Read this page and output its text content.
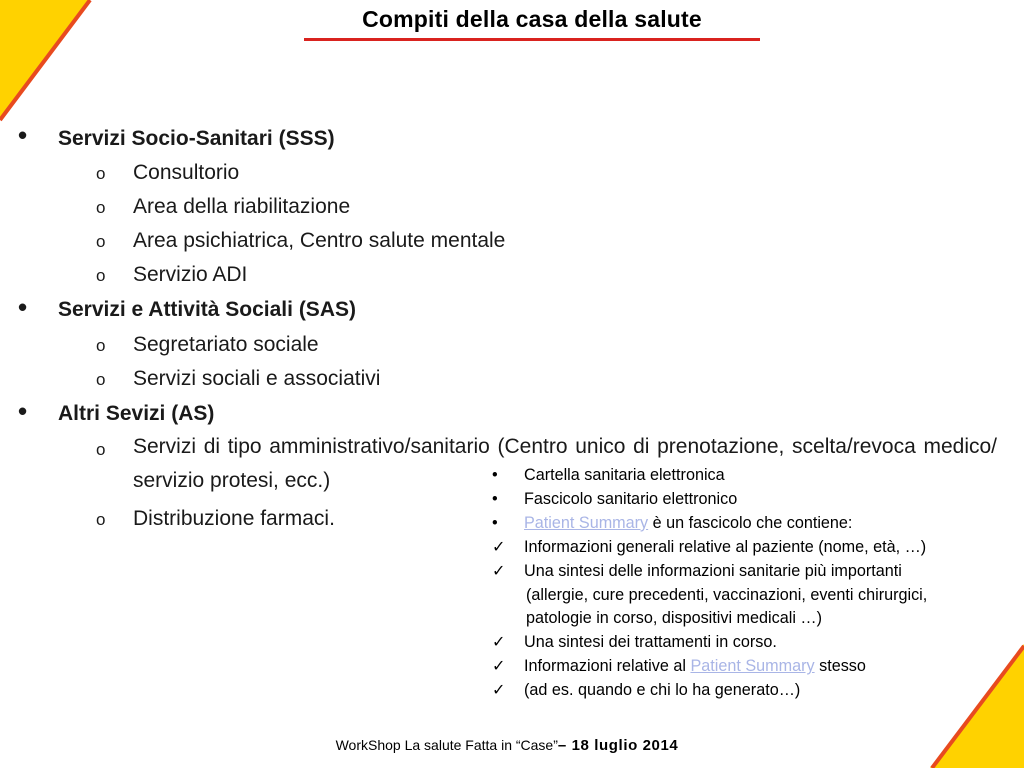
Compiti della casa della salute
• Servizi Socio-Sanitari (SSS)
o Consultorio
o Area della riabilitazione
o Area psichiatrica, Centro salute mentale
o Servizio ADI
• Servizi e Attività Sociali (SAS)
o Segretariato sociale
o Servizi sociali e associativi
• Altri Sevizi (AS)
o Servizi di tipo amministrativo/sanitario (Centro unico di prenotazione, scelta/revoca medico/ servizio protesi, ecc.)
o Distribuzione farmaci.
•	Cartella sanitaria elettronica
•	Fascicolo sanitario elettronico
•	Patient Summary è un fascicolo che contiene:
✓	Informazioni generali relative al paziente (nome, età, …)
✓	Una sintesi delle informazioni sanitarie più importanti
(allergie, cure precedenti, vaccinazioni, eventi chirurgici,
patologie in corso, dispositivi medicali …)
✓	Una sintesi dei trattamenti in corso.
✓	Informazioni relative al Patient Summary stesso
✓	(ad es. quando e chi lo ha generato…)
WorkShop La salute Fatta in “Case”– 18 luglio 2014
